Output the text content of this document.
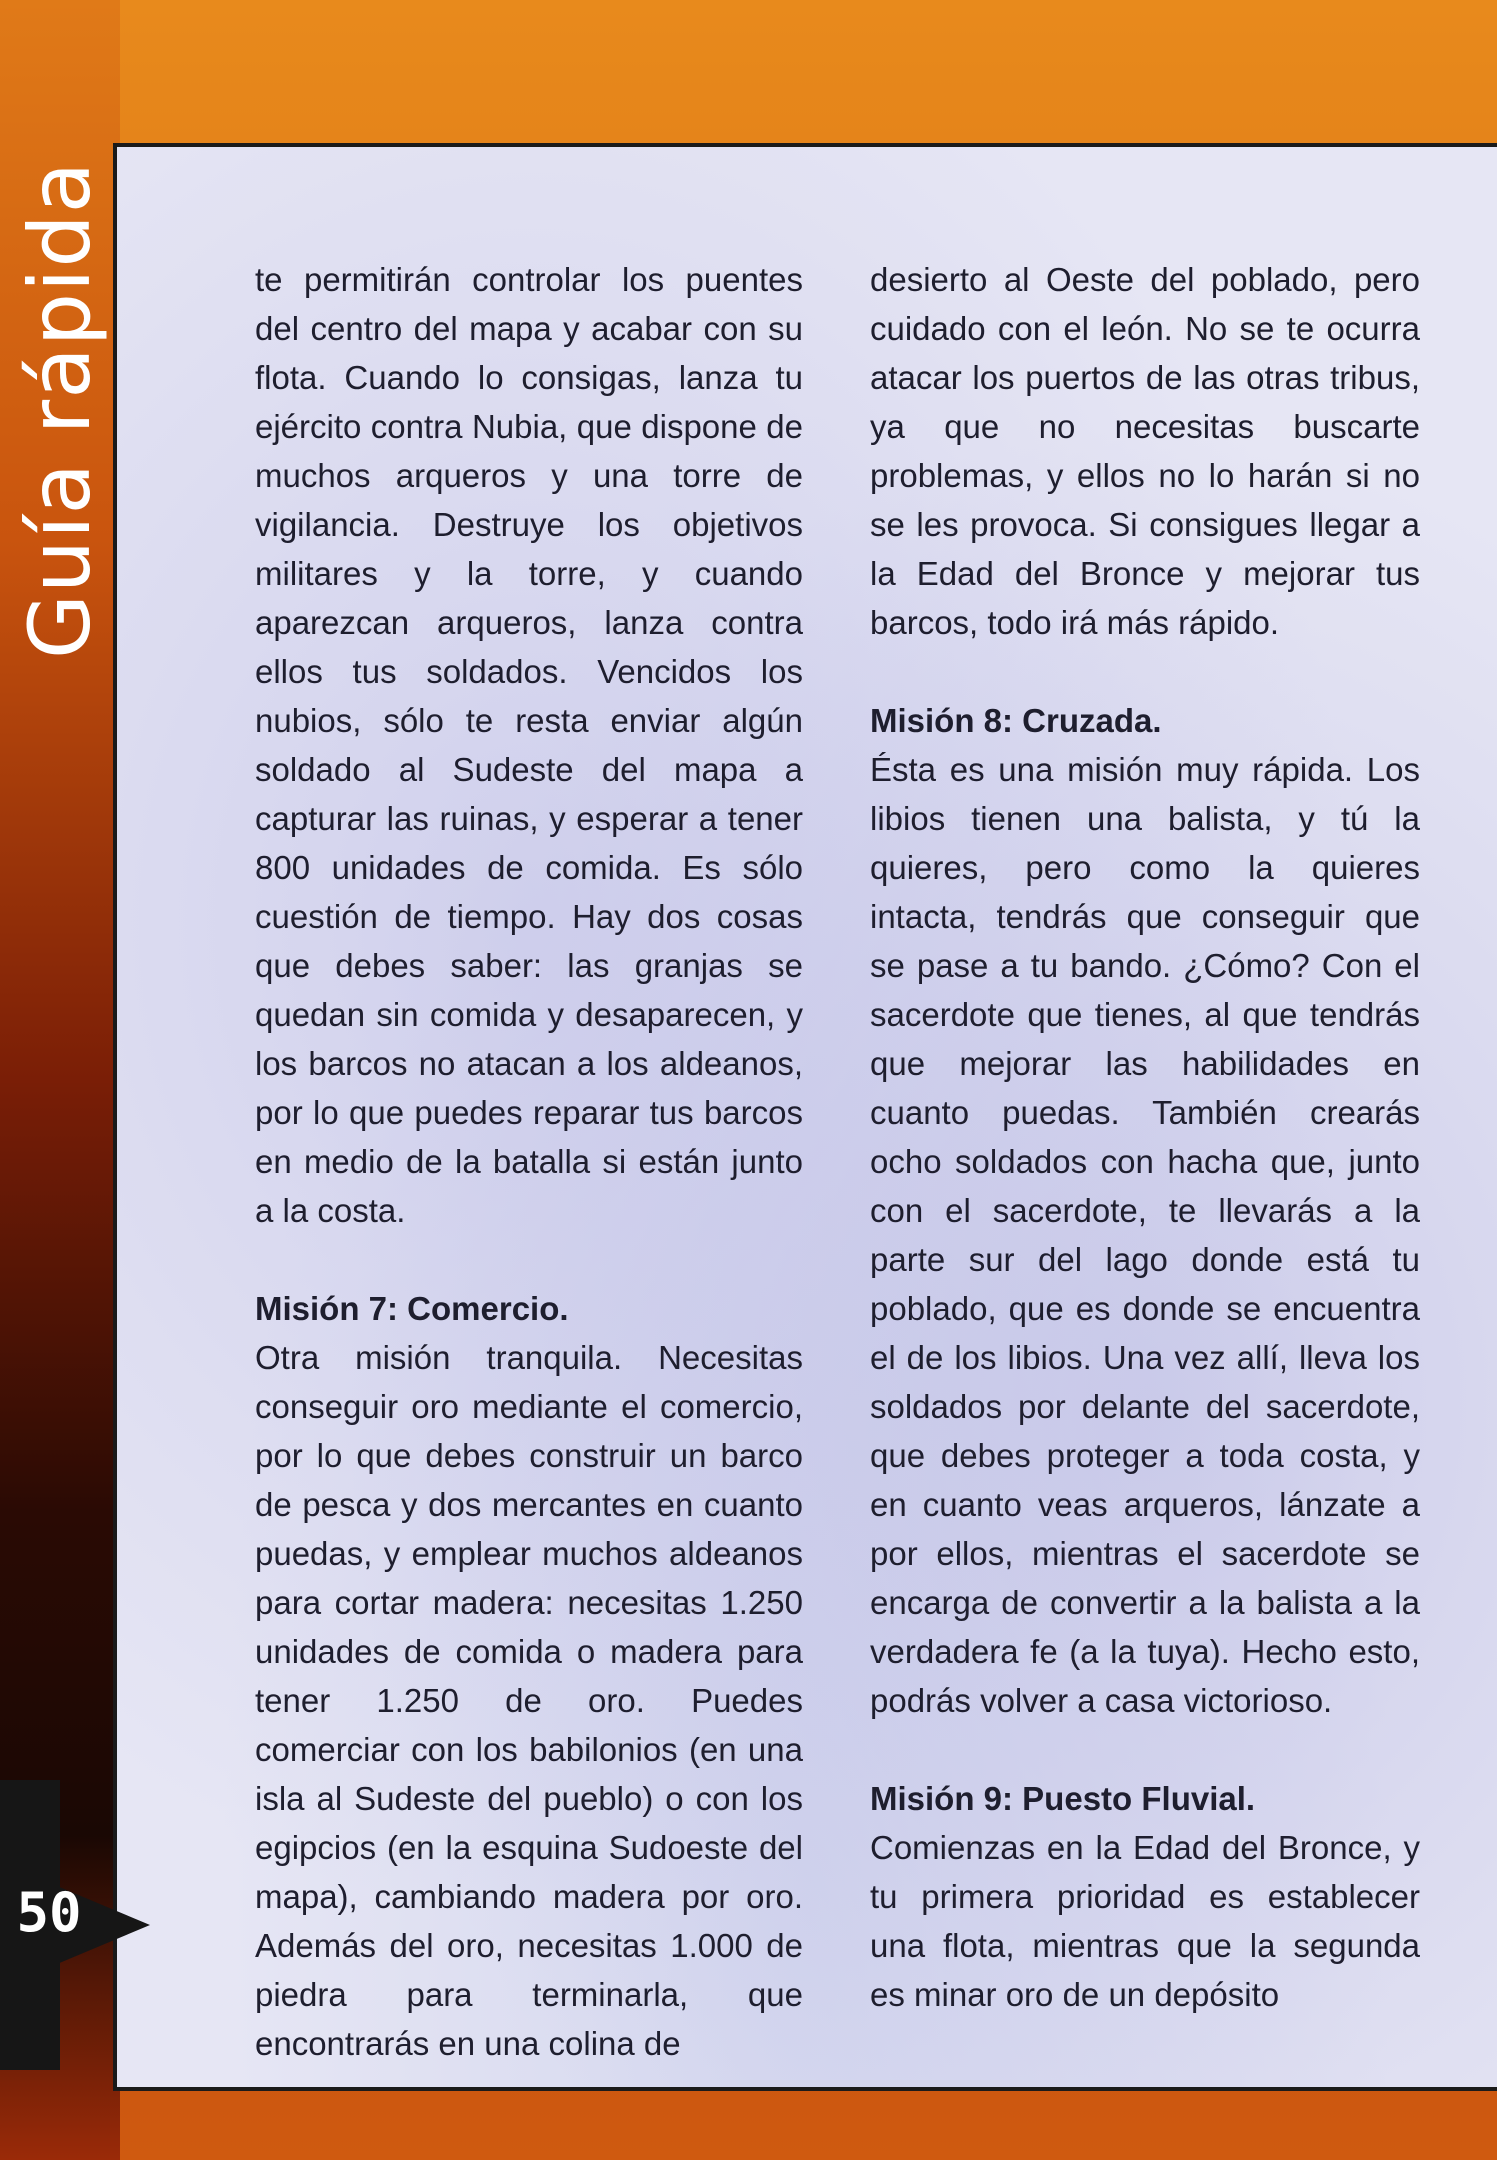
Guía rápida
50

te permitirán controlar los puentes del centro del mapa y acabar con su flota. Cuando lo consigas, lanza tu ejército contra Nubia, que dispone de muchos arqueros y una torre de vigilancia. Destruye los objetivos militares y la torre, y cuando aparezcan arqueros, lanza contra ellos tus soldados. Vencidos los nubios, sólo te resta enviar algún soldado al Sudeste del mapa a capturar las ruinas, y esperar a tener 800 unidades de comida. Es sólo cuestión de tiempo. Hay dos cosas que debes saber: las granjas se quedan sin comida y desaparecen, y los barcos no atacan a los aldeanos, por lo que puedes reparar tus barcos en medio de la batalla si están junto a la costa.

Misión 7: Comercio.

Otra misión tranquila. Necesitas conseguir oro mediante el comercio, por lo que debes construir un barco de pesca y dos mercantes en cuanto puedas, y emplear muchos aldeanos para cortar madera: necesitas 1.250 unidades de comida o madera para tener 1.250 de oro. Puedes comerciar con los babilonios (en una isla al Sudeste del pueblo) o con los egipcios (en la esquina Sudoeste del mapa), cambiando madera por oro. Además del oro, necesitas 1.000 de piedra para terminarla, que encontrarás en una colina de

desierto al Oeste del poblado, pero cuidado con el león. No se te ocurra atacar los puertos de las otras tribus, ya que no necesitas buscarte problemas, y ellos no lo harán si no se les provoca. Si consigues llegar a la Edad del Bronce y mejorar tus barcos, todo irá más rápido.

Misión 8: Cruzada.

Ésta es una misión muy rápida. Los libios tienen una balista, y tú la quieres, pero como la quieres intacta, tendrás que conseguir que se pase a tu bando. ¿Cómo? Con el sacerdote que tienes, al que tendrás que mejorar las habilidades en cuanto puedas. También crearás ocho soldados con hacha que, junto con el sacerdote, te llevarás a la parte sur del lago donde está tu poblado, que es donde se encuentra el de los libios. Una vez allí, lleva los soldados por delante del sacerdote, que debes proteger a toda costa, y en cuanto veas arqueros, lánzate a por ellos, mientras el sacerdote se encarga de convertir a la balista a la verdadera fe (a la tuya). Hecho esto, podrás volver a casa victorioso.

Misión 9: Puesto Fluvial.

Comienzas en la Edad del Bronce, y tu primera prioridad es establecer una flota, mientras que la segunda es minar oro de un depósito
